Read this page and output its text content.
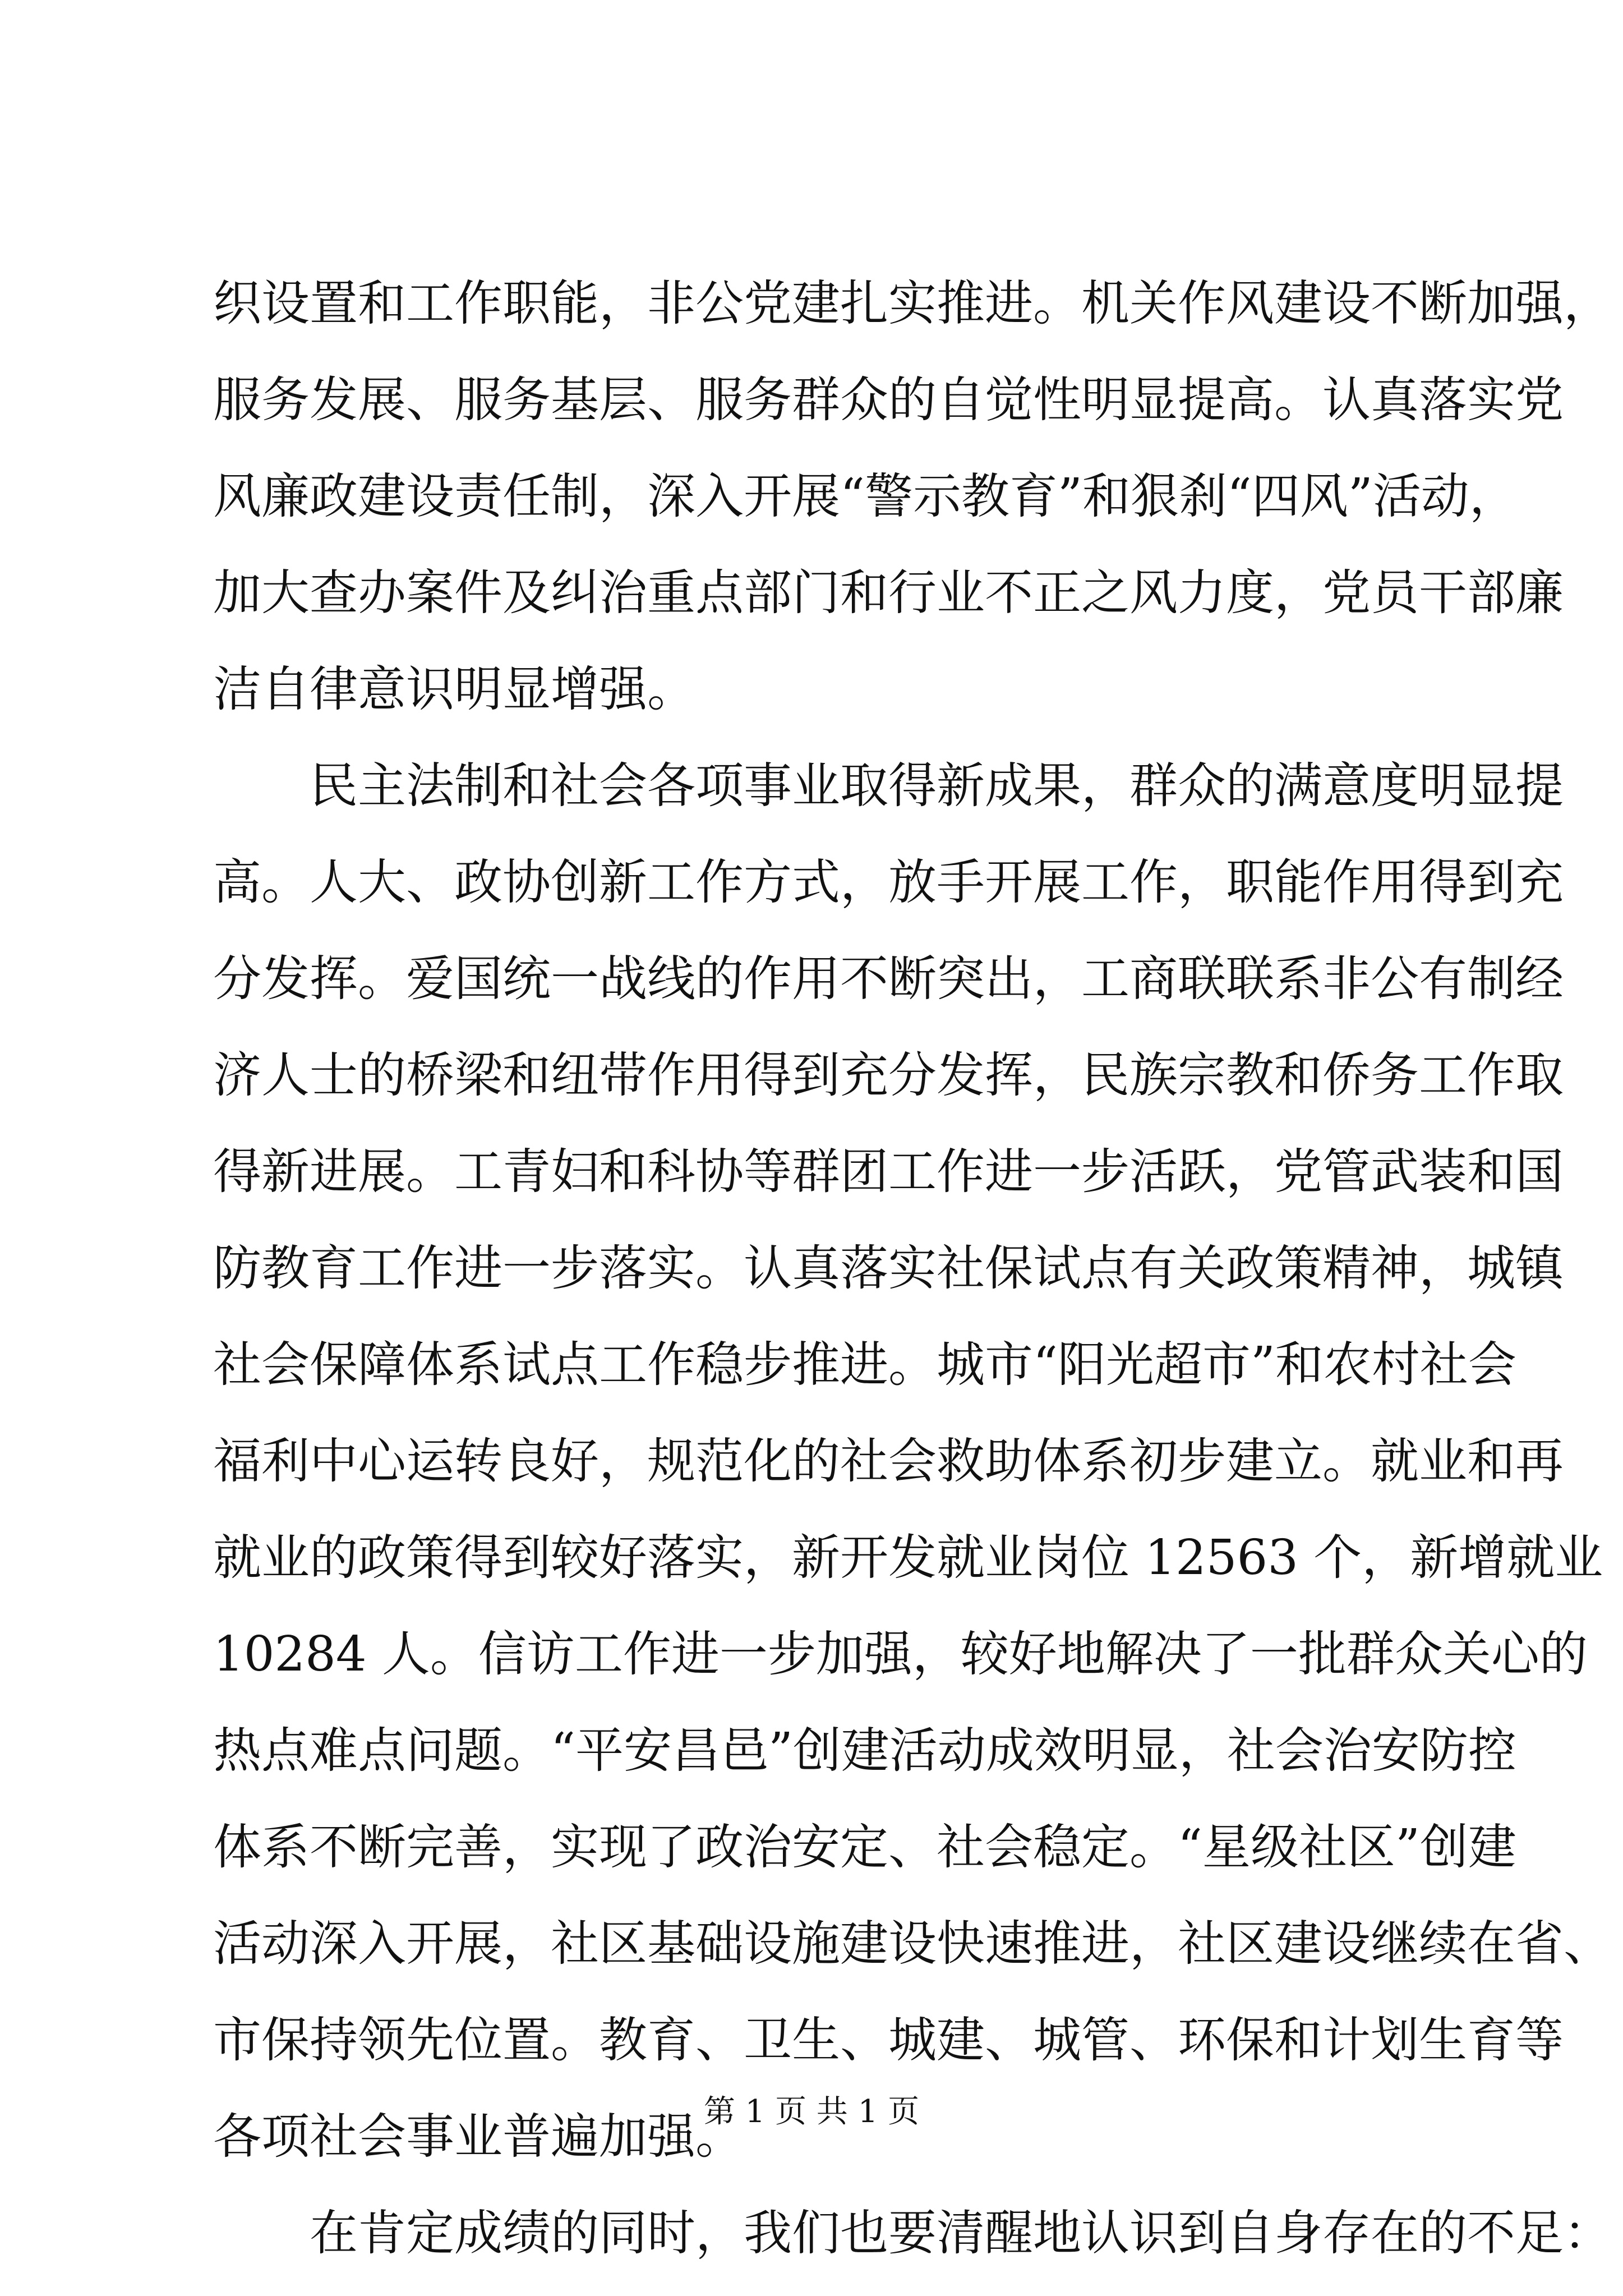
织设置和工作职能，非公党建扎实推进。机关作风建设不断加强，
服务发展、服务基层、服务群众的自觉性明显提高。认真落实党
风廉政建设责任制，深入开展“警示教育”和狠刹“四风”活动，
加大查办案件及纠治重点部门和行业不正之风力度，党员干部廉
洁自律意识明显增强。
民主法制和社会各项事业取得新成果，群众的满意度明显提
高。人大、政协创新工作方式，放手开展工作，职能作用得到充
分发挥。爱国统一战线的作用不断突出，工商联联系非公有制经
济人士的桥梁和纽带作用得到充分发挥，民族宗教和侨务工作取
得新进展。工青妇和科协等群团工作进一步活跃，党管武装和国
防教育工作进一步落实。认真落实社保试点有关政策精神，城镇
社会保障体系试点工作稳步推进。城市“阳光超市”和农村社会
福利中心运转良好，规范化的社会救助体系初步建立。就业和再
就业的政策得到较好落实，新开发就业岗位 12563 个，新增就业
10284 人。信访工作进一步加强，较好地解决了一批群众关心的
热点难点问题。“平安昌邑”创建活动成效明显，社会治安防控
体系不断完善，实现了政治安定、社会稳定。“星级社区”创建
活动深入开展，社区基础设施建设快速推进，社区建设继续在省、
市保持领先位置。教育、卫生、城建、城管、环保和计划生育等
各项社会事业普遍加强。
在肯定成绩的同时，我们也要清醒地认识到自身存在的不足：
第 1 页 共 1 页
